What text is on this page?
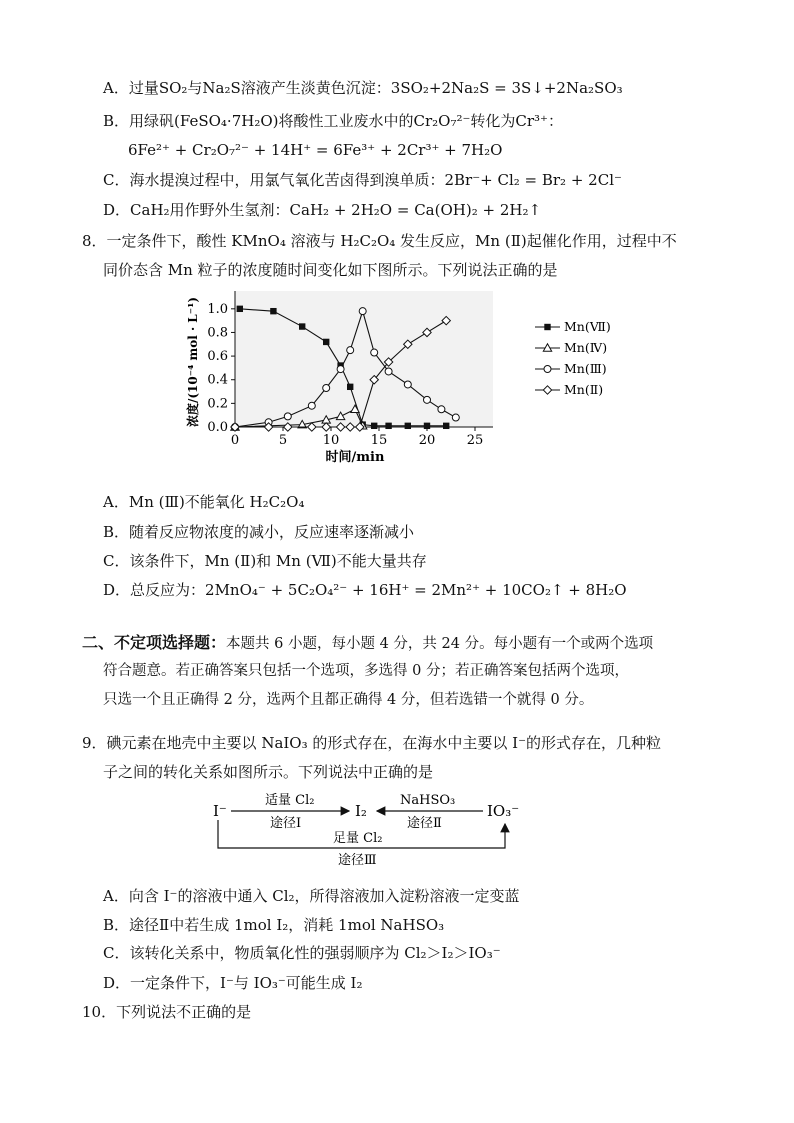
A．过量SO₂与Na₂S溶液产生淡黄色沉淀：3SO₂+2Na₂S = 3S↓+2Na₂SO₃
B．用绿矾(FeSO₄·7H₂O)将酸性工业废水中的Cr₂O₇²⁻转化为Cr³⁺：
6Fe²⁺ + Cr₂O₇²⁻ + 14H⁺ = 6Fe³⁺ + 2Cr³⁺ + 7H₂O
C．海水提溴过程中，用氯气氧化苦卤得到溴单质：2Br⁻+ Cl₂ = Br₂ + 2Cl⁻
D．CaH₂用作野外生氢剂：CaH₂ + 2H₂O = Ca(OH)₂ + 2H₂↑
8．一定条件下，酸性 KMnO₄ 溶液与 H₂C₂O₄ 发生反应，Mn (Ⅱ)起催化作用，过程中不
同价态含 Mn 粒子的浓度随时间变化如下图所示。下列说法正确的是
0	5	10 15 20 25
0.0
0.2
0.4
0.6
0.8
1.0
时间/min
浓度/(10⁻⁴ mol · L⁻¹)	Mn(Ⅶ)
Mn(Ⅳ)
Mn(Ⅲ)
Mn(Ⅱ)
A．Mn (Ⅲ)不能氧化 H₂C₂O₄
B．随着反应物浓度的减小，反应速率逐渐减小
C．该条件下，Mn (Ⅱ)和 Mn (Ⅶ)不能大量共存
D．总反应为：2MnO₄⁻ + 5C₂O₄²⁻ + 16H⁺ = 2Mn²⁺ + 10CO₂↑ + 8H₂O
二、不定项选择题：本题共 6 小题，每小题 4 分，共 24 分。每小题有一个或两个选项
符合题意。若正确答案只包括一个选项，多选得 0 分；若正确答案包括两个选项，
只选一个且正确得 2 分，选两个且都正确得 4 分，但若选错一个就得 0 分。
9．碘元素在地壳中主要以 NaIO₃ 的形式存在，在海水中主要以 I⁻的形式存在，几种粒
子之间的转化关系如图所示。下列说法中正确的是
I⁻	I₂	IO₃⁻
适量 Cl₂
途径Ⅰ
NaHSO₃
途径Ⅱ
足量 Cl₂
途径Ⅲ
A．向含 I⁻的溶液中通入 Cl₂，所得溶液加入淀粉溶液一定变蓝
B．途径Ⅱ中若生成 1mol I₂，消耗 1mol NaHSO₃
C．该转化关系中，物质氧化性的强弱顺序为 Cl₂＞I₂＞IO₃⁻
D．一定条件下，I⁻与 IO₃⁻可能生成 I₂
10．下列说法不正确的是
